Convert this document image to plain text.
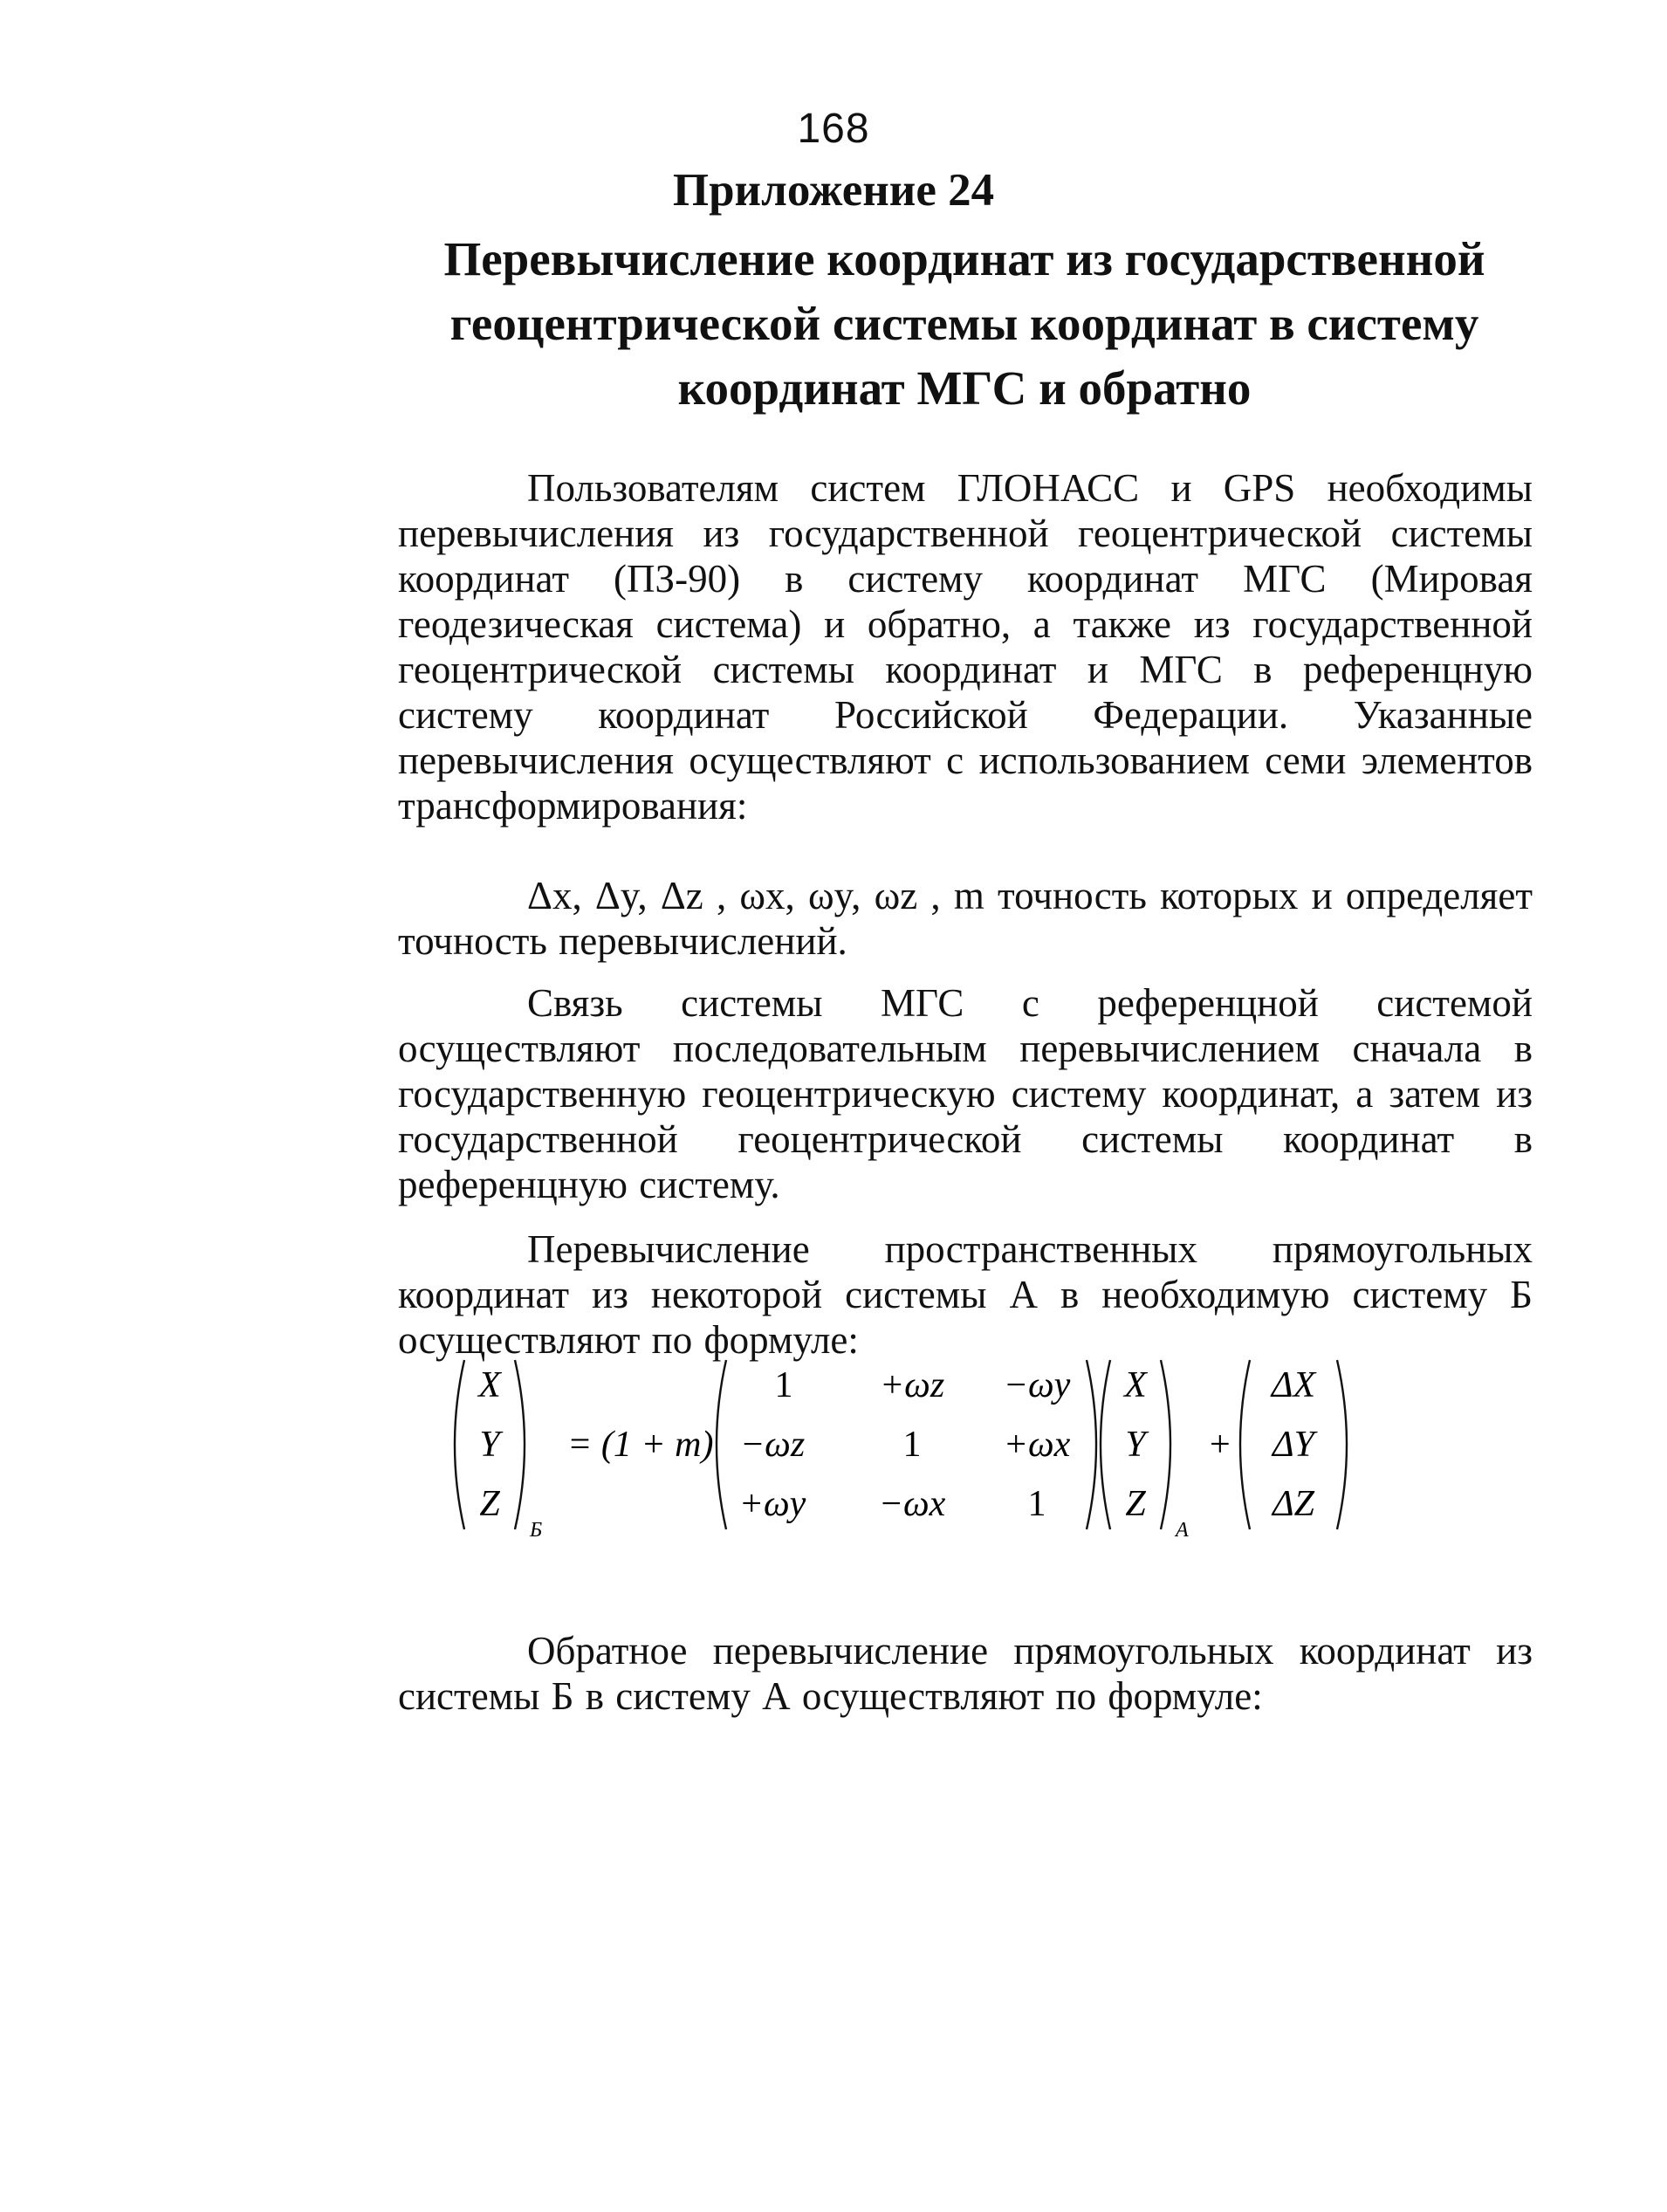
168
Приложение 24
Перевычисление координат из государственной
геоцентрической системы координат в систему
координат МГС и обратно

Пользователям систем ГЛОНАСС и GPS необходимы перевычисления из государственной геоцентрической системы координат (ПЗ-90) в систему координат МГС (Мировая геодезическая система) и обратно, а также из государственной геоцентрической системы координат и МГС в референцную систему координат Российской Федерации. Указанные перевычисления осуществляют с использованием семи элементов трансформирования:

Δx, Δy, Δz , ωx, ωy, ωz , m точность которых и определяет точность перевычислений.

Связь системы МГС с референцной системой осуществляют последовательным перевычислением сначала в государственную геоцентрическую систему координат, а затем из государственной геоцентрической системы координат в референцную систему.

Перевычисление пространственных прямоугольных координат из некоторой системы А в необходимую систему Б осуществляют по формуле:

X
Y
Z
Б
= (1 + m)
1 +ωz −ωy
−ωz	1 +ωx
+ωy −ωx 1
X
Y
Z
A
+
ΔX
ΔY
ΔZ

Обратное перевычисление прямоугольных координат из системы Б в систему А осуществляют по формуле:
